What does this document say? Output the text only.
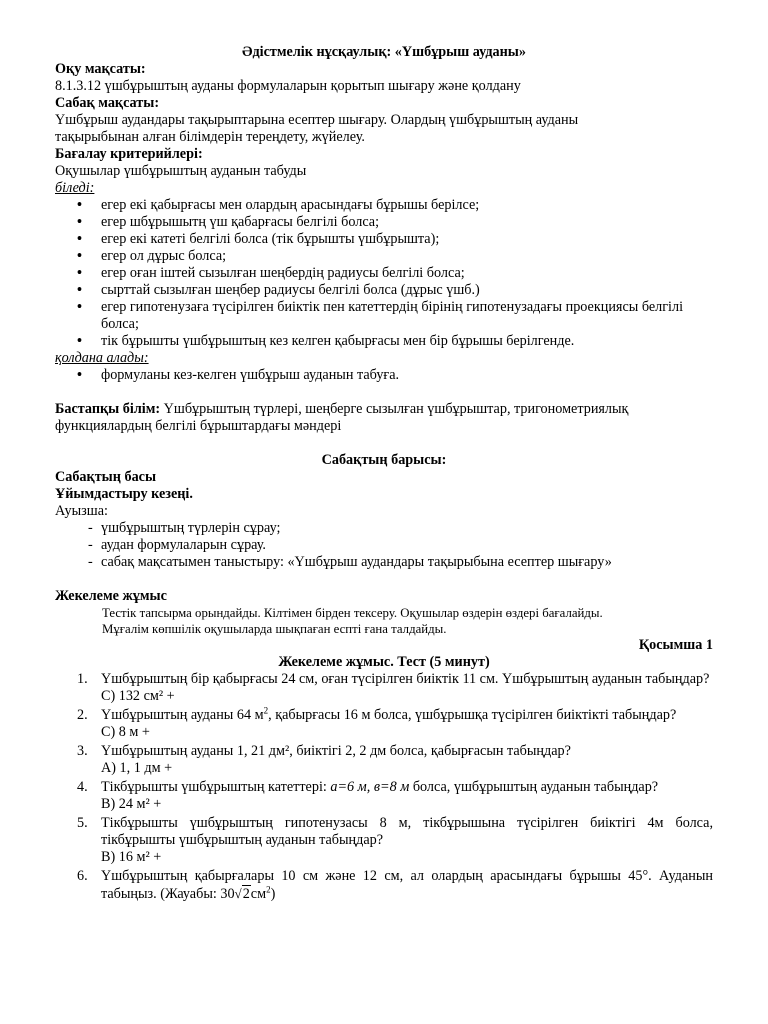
Әдістмелік нұсқаулық: «Үшбұрыш ауданы»
Оқу мақсаты:
8.1.3.12 үшбұрыштың ауданы формулаларын қорытып шығару және қолдану
Сабақ мақсаты:
Үшбұрыш аудандары тақырыптарына есептер шығару. Олардың үшбұрыштың ауданы
тақырыбынан алған білімдерін тереңдету, жүйелеу.
Бағалау критерийлері:
Оқушылар үшбұрыштың ауданын табуды
біледі:
• егер екі қабырғасы мен олардың арасындағы бұрышы берілсе;
• егер шбұрышытң үш қабарғасы белгілі болса;
• егер екі катеті белгілі болса (тік бұрышты үшбұрышта);
• егер ол дұрыс болса;
• егер оған іштей сызылған шеңбердің радиусы белгілі болса;
• сырттай сызылған шеңбер радиусы белгілі болса (дұрыс үшб.)
• егер гипотенузаға түсірілген биіктік пен катеттердің бірінің гипотенузадағы проекциясы белгілі болса;
• тік бұрышты үшбұрыштың кез келген қабырғасы мен бір бұрышы берілгенде.
қолдана алады:
• формуланы кез-келген үшбұрыш ауданын табуға.
Бастапқы білім: Үшбұрыштың түрлері, шеңберге сызылған үшбұрыштар, тригонометриялық
функциялардың белгілі бұрыштардағы мәндері
Сабақтың барысы:
Сабақтың басы
Ұйымдастыру кезеңі.
Ауызша:
- үшбұрыштың түрлерін сұрау;
- аудан формулаларын сұрау.
- сабақ мақсатымен таныстыру: «Үшбұрыш аудандары тақырыбына есептер шығару»
Жекелеме жұмыс
Тестік тапсырма орындайды. Кілтімен бірден тексеру. Оқушылар өздерін өздері бағалайды.
Мұғалім көпшілік оқушыларда шықпаған еспті ғана талдайды.
Қосымша 1
Жекелеме жұмыс. Тест (5 минут)
1. Үшбұрыштың бір қабырғасы 24 см, оған түсірілген биіктік 11 см. Үшбұрыштың ауданын табыңдар?
C) 132 см² +
2. Үшбұрыштың ауданы 64 $м^2$, қабырғасы 16 м болса, үшбұрышқа түсірілген биіктікті табыңдар?
C) 8 м +
3. Үшбұрыштың ауданы 1, 21 дм², биіктігі 2, 2 дм болса, қабырғасын табыңдар?
A) 1, 1 дм +
4. Тікбұрышты үшбұрыштың катеттері: a=6 м, в=8 м болса, үшбұрыштың ауданын табыңдар?
B) 24 м² +
5. Тікбұрышты үшбұрыштың гипотенузасы 8 м, тікбұрышына түсірілген биіктігі 4м болса, тікбұрышты үшбұрыштың ауданын табыңдар?
B) 16 м² +
6. Үшбұрыштың қабырғалары 10 см және 12 см, ал олардың арасындағы бұрышы 45°. Ауданын табыңыз. (Жауабы: $30√2см^2$)
